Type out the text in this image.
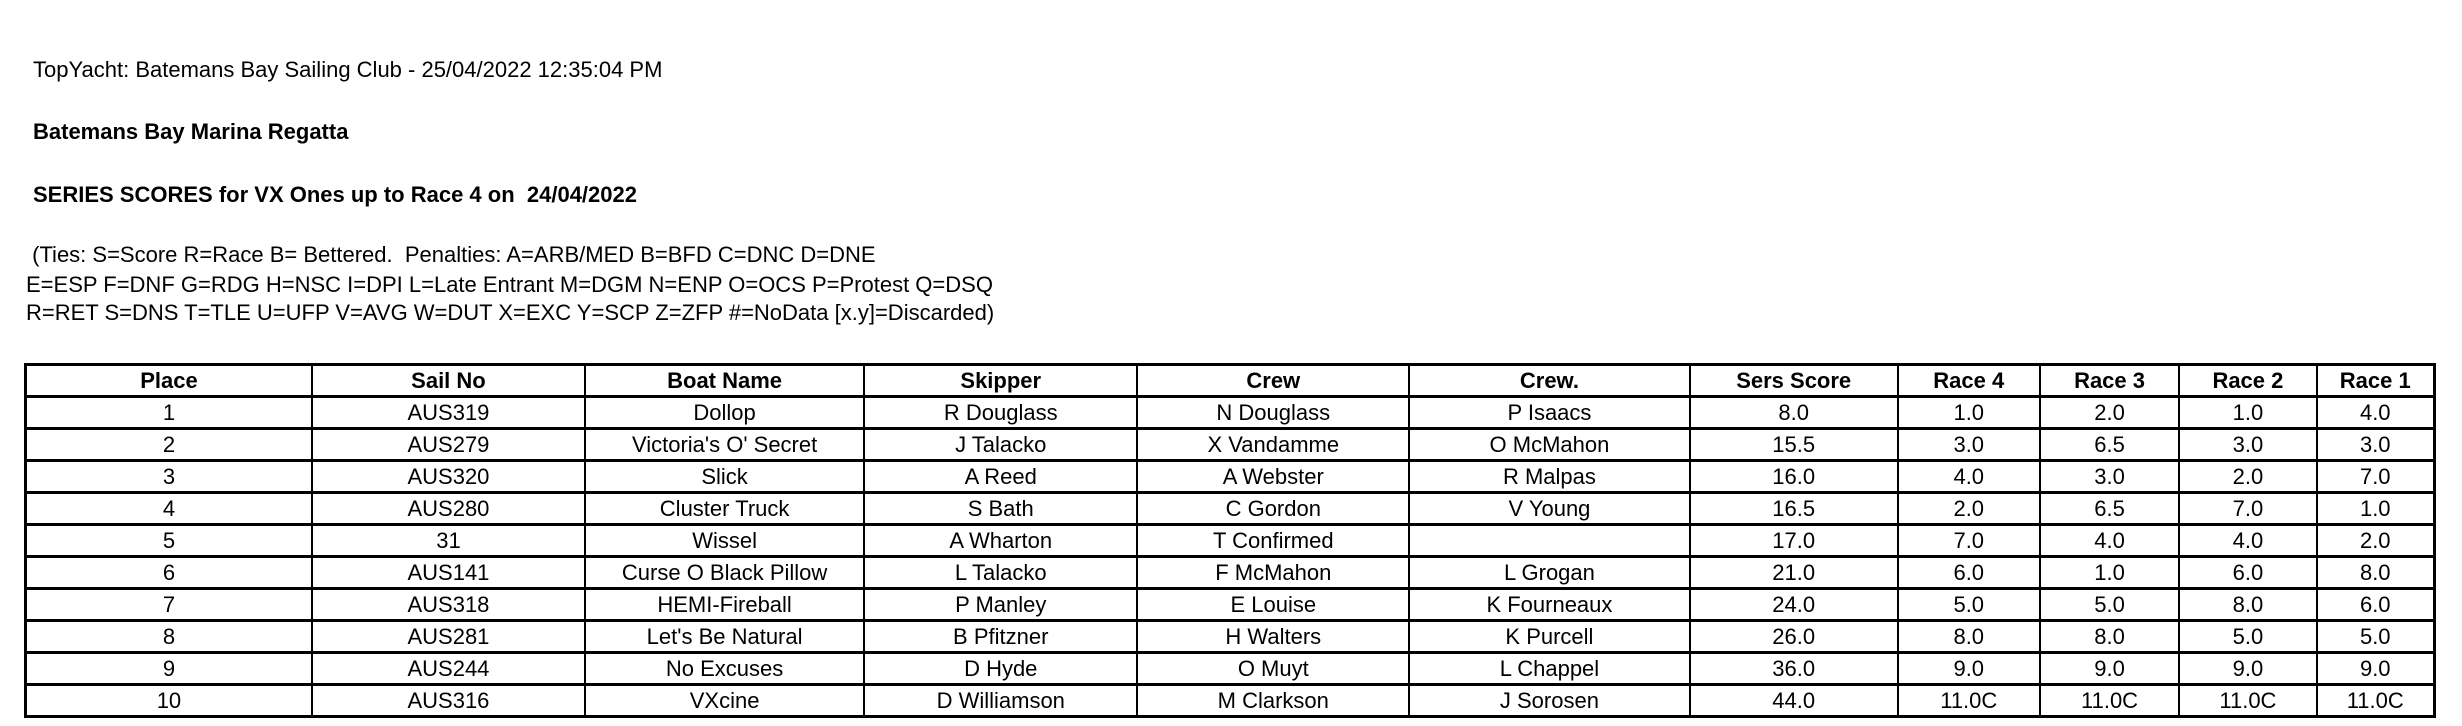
TopYacht: Batemans Bay Sailing Club - 25/04/2022 12:35:04 PM
Batemans Bay Marina Regatta
SERIES SCORES for VX Ones up to Race 4 on  24/04/2022
(Ties: S=Score R=Race B= Bettered.  Penalties: A=ARB/MED B=BFD C=DNC D=DNE
E=ESP F=DNF G=RDG H=NSC I=DPI L=Late Entrant M=DGM N=ENP O=OCS P=Protest Q=DSQ
R=RET S=DNS T=TLE U=UFP V=AVG W=DUT X=EXC Y=SCP Z=ZFP #=NoData [x.y]=Discarded)
Place	Sail No	Boat Name	Skipper	Crew	Crew.	Sers Score	Race 4	Race 3	Race 2	Race 1
1	AUS319	Dollop	R Douglass	N Douglass	P Isaacs	8.0	1.0	2.0	1.0	4.0
2	AUS279	Victoria's O' Secret	J Talacko	X Vandamme	O McMahon	15.5	3.0	6.5	3.0	3.0
3	AUS320	Slick	A Reed	A Webster	R Malpas	16.0	4.0	3.0	2.0	7.0
4	AUS280	Cluster Truck	S Bath	C Gordon	V Young	16.5	2.0	6.5	7.0	1.0
5	31	Wissel	A Wharton	T Confirmed		17.0	7.0	4.0	4.0	2.0
6	AUS141	Curse O Black Pillow	L Talacko	F McMahon	L Grogan	21.0	6.0	1.0	6.0	8.0
7	AUS318	HEMI-Fireball	P Manley	E Louise	K Fourneaux	24.0	5.0	5.0	8.0	6.0
8	AUS281	Let's Be Natural	B Pfitzner	H Walters	K Purcell	26.0	8.0	8.0	5.0	5.0
9	AUS244	No Excuses	D Hyde	O Muyt	L Chappel	36.0	9.0	9.0	9.0	9.0
10	AUS316	VXcine	D Williamson	M Clarkson	J Sorosen	44.0	11.0C	11.0C	11.0C	11.0C
